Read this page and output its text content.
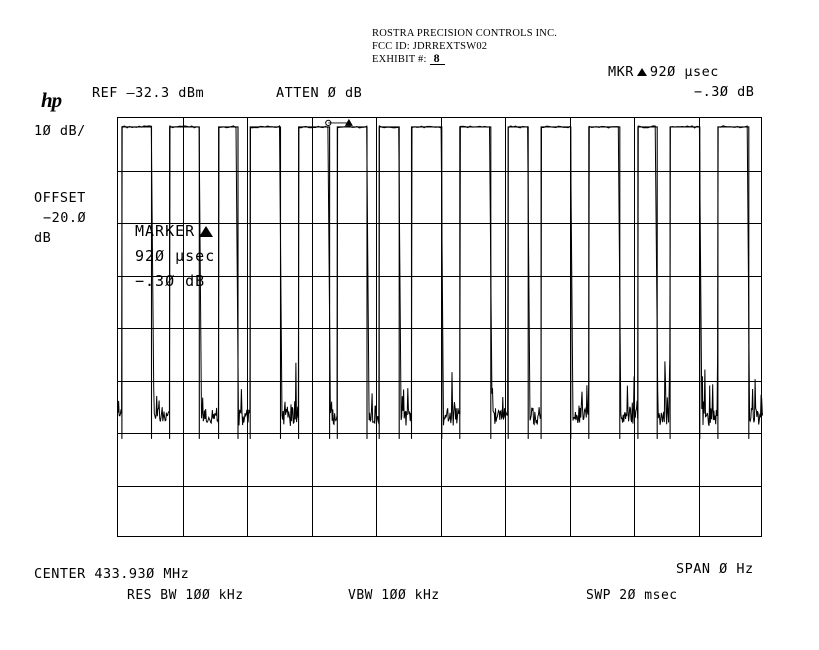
ROSTRA PRECISION CONTROLS INC.
FCC ID: JDRREXTSW02
EXHIBIT #: 8
REF –32.3 dBm	ATTEN Ø dB
MKR 92Ø µsec
−.3Ø dB
hp
1Ø dB/
OFFSET
−20.Ø
dB	MARKER
92Ø µsec
−.3Ø dB
CENTER 433.93Ø MHz	SPAN Ø Hz
RES BW 1ØØ kHz	VBW 1ØØ kHz	SWP 2Ø msec
